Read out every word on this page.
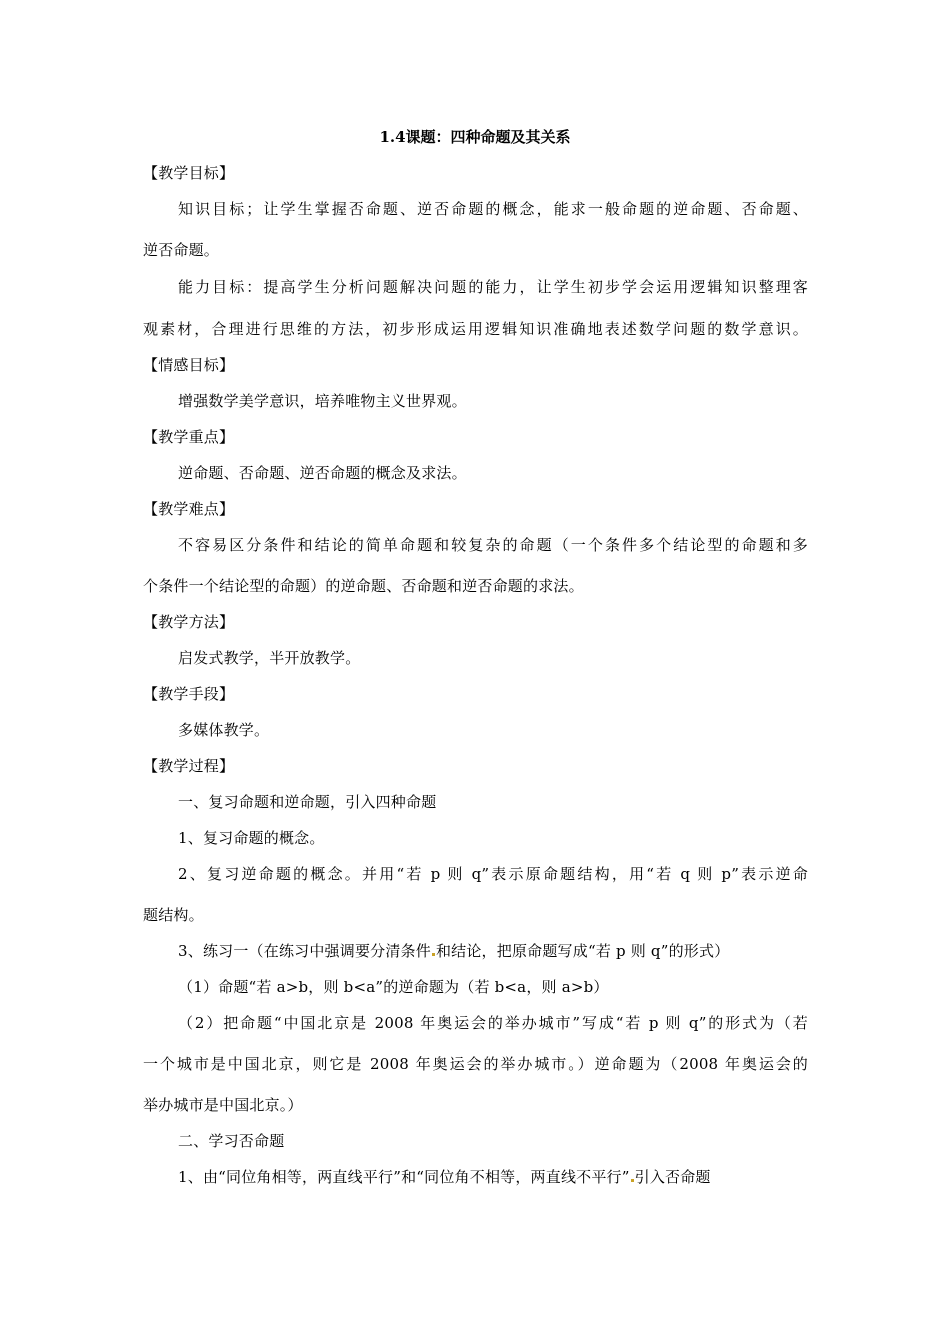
1.4课题：四种命题及其关系
【教学目标】
知识目标；让学生掌握否命题、逆否命题的概念，能求一般命题的逆命题、否命题、
逆否命题。
能力目标：提高学生分析问题解决问题的能力，让学生初步学会运用逻辑知识整理客
观素材，合理进行思维的方法，初步形成运用逻辑知识准确地表述数学问题的数学意识。
【情感目标】
增强数学美学意识，培养唯物主义世界观。
【教学重点】
逆命题、否命题、逆否命题的概念及求法。
【教学难点】
不容易区分条件和结论的简单命题和较复杂的命题（一个条件多个结论型的命题和多
个条件一个结论型的命题）的逆命题、否命题和逆否命题的求法。
【教学方法】
启发式教学，半开放教学。
【教学手段】
多媒体教学。
【教学过程】
一、复习命题和逆命题，引入四种命题
1、复习命题的概念。
2、复习逆命题的概念。并用“若 p 则 q”表示原命题结构，用“若 q 则 p”表示逆命
题结构。
3、练习一（在练习中强调要分清条件 和结论，把原命题写成“若 p 则 q”的形式）
（1）命题“若 a>b，则 b<a”的逆命题为（若 b<a，则 a>b）
（2）把命题“中国北京是 2008 年奥运会的举办城市”写成“若 p 则 q”的形式为（若
一个城市是中国北京，则它是 2008 年奥运会的举办城市。）逆命题为（2008 年奥运会的
举办城市是中国北京。）
二、学习否命题
1、由“同位角相等，两直线平行”和“同位角不相等，两直线不平行” 引入否命题
